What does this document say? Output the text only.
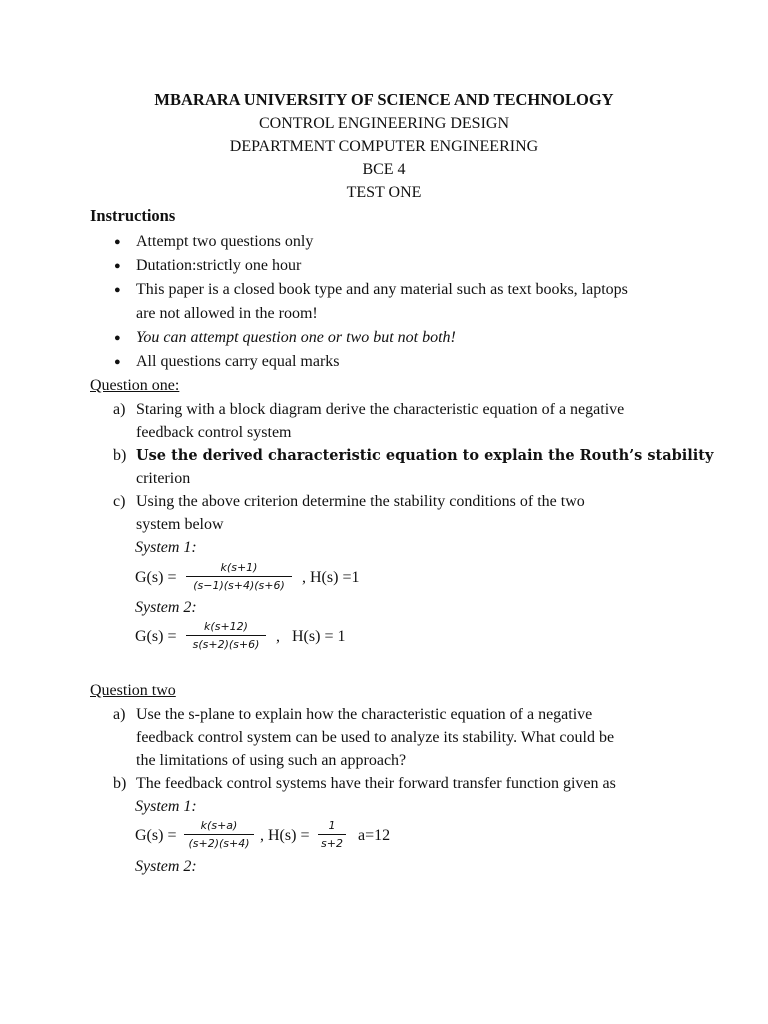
MBARARA UNIVERSITY OF SCIENCE AND TECHNOLOGY
CONTROL ENGINEERING DESIGN
DEPARTMENT COMPUTER ENGINEERING
BCE 4
TEST ONE
Instructions
● Attempt two questions only
● Dutation:strictly one hour
● This paper is a closed book type and any material such as text books, laptops
are not allowed in the room!
● You can attempt question one or two but not both!
● All questions carry equal marks
Question one:
a) Staring with a block diagram derive the characteristic equation of a negative
feedback control system
b) Use the derived characteristic equation to explain the Routh’s stability
criterion
c) Using the above criterion determine the stability conditions of the two
system below
System 1:
G(s) =
k(s+1)
(s−1)(s+4)(s+6) , H(s) =1
System 2:
G(s) =
k(s+12)
s(s+2)(s+6) ,   H(s) = 1
Question two
a) Use the s-plane to explain how the characteristic equation of a negative
feedback control system can be used to analyze its stability. What could be
the limitations of using such an approach?
b) The feedback control systems have their forward transfer function given as
System 1:
G(s) =
k(s+a)
(s+2)(s+4) , H(s) =
1
s+2 a=12
System 2:
